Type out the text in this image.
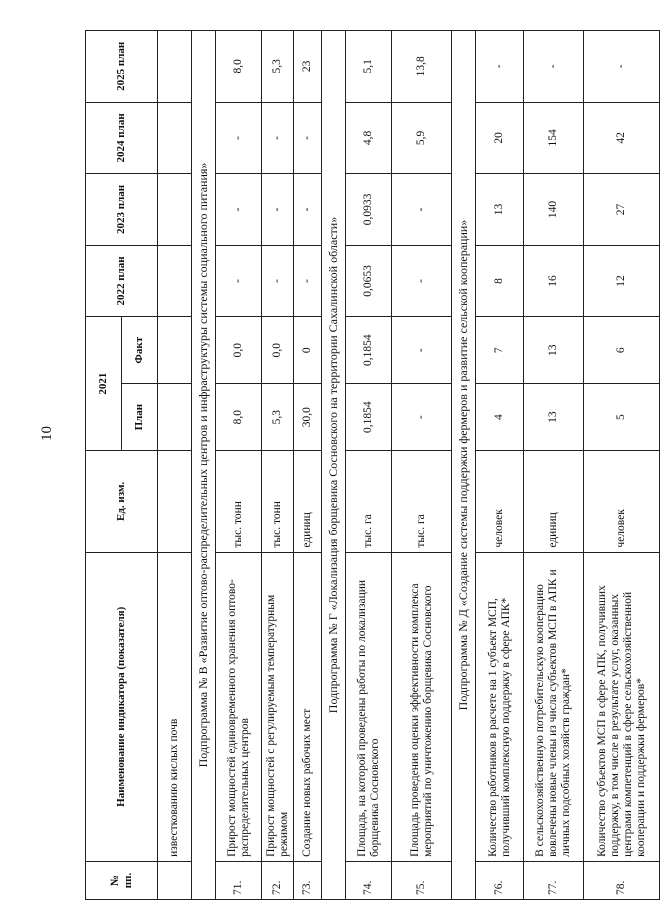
10
№ пп.	Наименование индикатора (показателя)	Ед. изм.	2021		2022 план	2023 план	2024 план	2025 план
			План	Факт				
	известкованию кислых почв							
Подпрограмма № В «Развитие оптово-распределительных центров и инфраструктуры системы социального питания»								
71.	Прирост мощностей единовременного хранения оптово-распределительных центров	тыс. тонн	8,0	0,0	-	-	-	8,0
72.	Прирост мощностей с регулируемым температурным режимом	тыс. тонн	5,3	0,0	-	-	-	5,3
73.	Создание новых рабочих мест	единиц	30,0	0	-	-	-	23
Подпрограмма № Г «Локализация борщевика Сосновского на территории Сахалинской области»								
74.	Площадь, на которой проведены работы по локализации борщевика Сосновского	тыс. га	0,1854	0,1854	0,0653	0,0933	4,8	5,1
75.	Площадь проведения оценки эффективности комплекса мероприятий по уничтожению борщевика Сосновского	тыс. га	-	-	-	-	5,9	13,8
Подпрограмма № Д «Создание системы поддержки фермеров и развитие сельской кооперации»								
76.	Количество работников в расчете на 1 субъект МСП, получивший комплексную поддержку в сфере АПК*	человек	4	7	8	13	20	-
77.	В сельскохозяйственную потребительскую кооперацию вовлечены новые члены из числа субъектов МСП в АПК и личных подсобных хозяйств граждан*	единиц	13	13	16	140	154	-
78.	Количество субъектов МСП в сфере АПК, получивших поддержку, в том числе в результате услуг, оказанных центрами компетенций в сфере сельскохозяйственной кооперации и поддержки фермеров*	человек	5	6	12	27	42	-
